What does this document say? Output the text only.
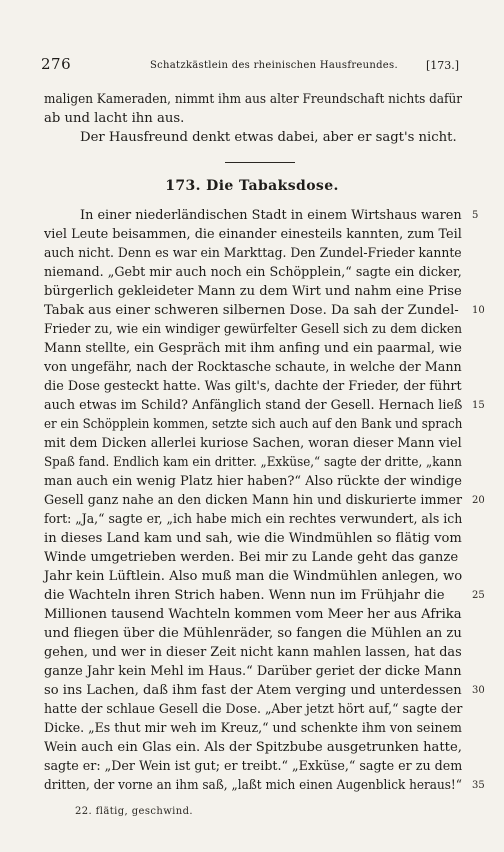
276	Schatzkästlein des rheinischen Hausfreundes.	[173.]
maligen Kameraden, nimmt ihm aus alter Freundschaft nichts dafür
ab und lacht ihn aus.
Der Hausfreund denkt etwas dabei, aber er sagt's nicht.
173. Die Tabaksdose.
In einer niederländischen Stadt in einem Wirtshaus waren
viel Leute beisammen, die einander einesteils kannten, zum Teil
auch nicht. Denn es war ein Markttag. Den Zundel-Frieder kannte
niemand. „Gebt mir auch noch ein Schöpplein,“ sagte ein dicker,
bürgerlich gekleideter Mann zu dem Wirt und nahm eine Prise
Tabak aus einer schweren silbernen Dose. Da sah der Zundel-
Frieder zu, wie ein windiger gewürfelter Gesell sich zu dem dicken
Mann stellte, ein Gespräch mit ihm anfing und ein paarmal, wie
von ungefähr, nach der Rocktasche schaute, in welche der Mann
die Dose gesteckt hatte. Was gilt's, dachte der Frieder, der führt
auch etwas im Schild? Anfänglich stand der Gesell. Hernach ließ
er ein Schöpplein kommen, setzte sich auch auf den Bank und sprach
mit dem Dicken allerlei kuriose Sachen, woran dieser Mann viel
Spaß fand. Endlich kam ein dritter. „Exküse,“ sagte der dritte, „kann
man auch ein wenig Platz hier haben?“ Also rückte der windige
Gesell ganz nahe an den dicken Mann hin und diskurierte immer
fort: „Ja,“ sagte er, „ich habe mich ein rechtes verwundert, als ich
in dieses Land kam und sah, wie die Windmühlen so flätig vom
Winde umgetrieben werden. Bei mir zu Lande geht das ganze
Jahr kein Lüftlein. Also muß man die Windmühlen anlegen, wo
die Wachteln ihren Strich haben. Wenn nun im Frühjahr die
Millionen tausend Wachteln kommen vom Meer her aus Afrika
und fliegen über die Mühlenräder, so fangen die Mühlen an zu
gehen, und wer in dieser Zeit nicht kann mahlen lassen, hat das
ganze Jahr kein Mehl im Haus.“ Darüber geriet der dicke Mann
so ins Lachen, daß ihm fast der Atem verging und unterdessen
hatte der schlaue Gesell die Dose. „Aber jetzt hört auf,“ sagte der
Dicke. „Es thut mir weh im Kreuz,“ und schenkte ihm von seinem
Wein auch ein Glas ein. Als der Spitzbube ausgetrunken hatte,
sagte er: „Der Wein ist gut; er treibt.“ „Exküse,“ sagte er zu dem
dritten, der vorne an ihm saß, „laßt mich einen Augenblick heraus!“
5
10
15
20
25
30
35
22. flätig, geschwind.
